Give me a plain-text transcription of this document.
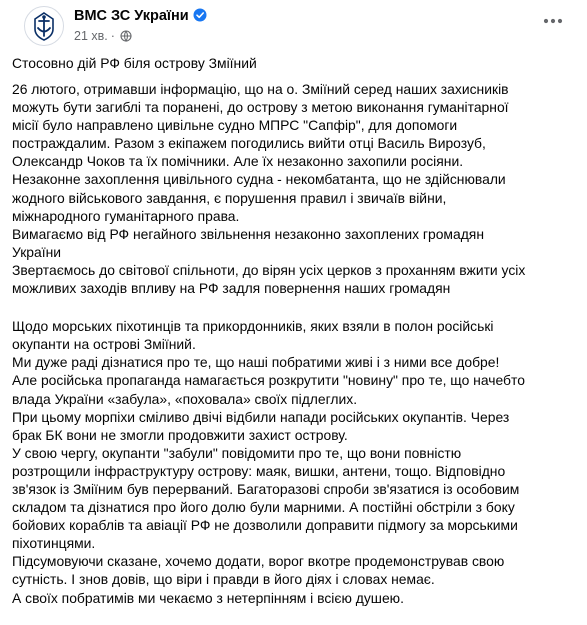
ВМС ЗС України
21 хв. ·
Стосовно дій РФ біля острову Зміїний

26 лютого, отримавши інформацію, що на о. Зміїний серед наших захисників

можуть бути загиблі та поранені, до острову з метою виконання гуманітарної

місії було направлено цивільне судно МПРС "Сапфір", для допомоги

постраждалим. Разом з екіпажем погодились вийти отці Василь Вирозуб,

Олександр Чоков та їх помічники. Але їх незаконно захопили росіяни.

Незаконне захоплення цивільного судна - некомбатанта, що не здійснювали

жодного військового завдання, є порушення правил і звичаїв війни,

міжнародного гуманітарного права.

Вимагаємо від РФ негайного звільнення незаконно захоплених громадян

України

Звертаємось до світової спільноти, до вірян усіх церков з проханням вжити усіх

можливих заходів впливу на РФ задля повернення наших громадян

Щодо морських піхотинців та прикордонників, яких взяли в полон російські

окупанти на острові Зміїний.

Ми дуже раді дізнатися про те, що наші побратими живі і з ними все добре!

Але російська пропаганда намагається розкрутити "новину" про те, що начебто

влада України «забула», «поховала» своїх підлеглих.

При цьому морпіхи сміливо двічі відбили напади російських окупантів. Через

брак БК вони не змогли продовжити захист острову.

У свою чергу, окупанти "забули" повідомити про те, що вони повністю

розтрощили інфраструктуру острову: маяк, вишки, антени, тощо. Відповідно

зв'язок із Зміїним був перерваний. Багаторазові спроби зв'язатися із особовим

складом та дізнатися про його долю були марними. А постійні обстріли з боку

бойових кораблів та авіації РФ не дозволили доправити підмогу за морськими

піхотинцями.

Підсумовуючи сказане, хочемо додати, ворог вкотре продемонстрував свою

сутність. І знов довів, що віри і правди в його діях і словах немає.

А своїх побратимів ми чекаємо з нетерпінням і всією душею.
